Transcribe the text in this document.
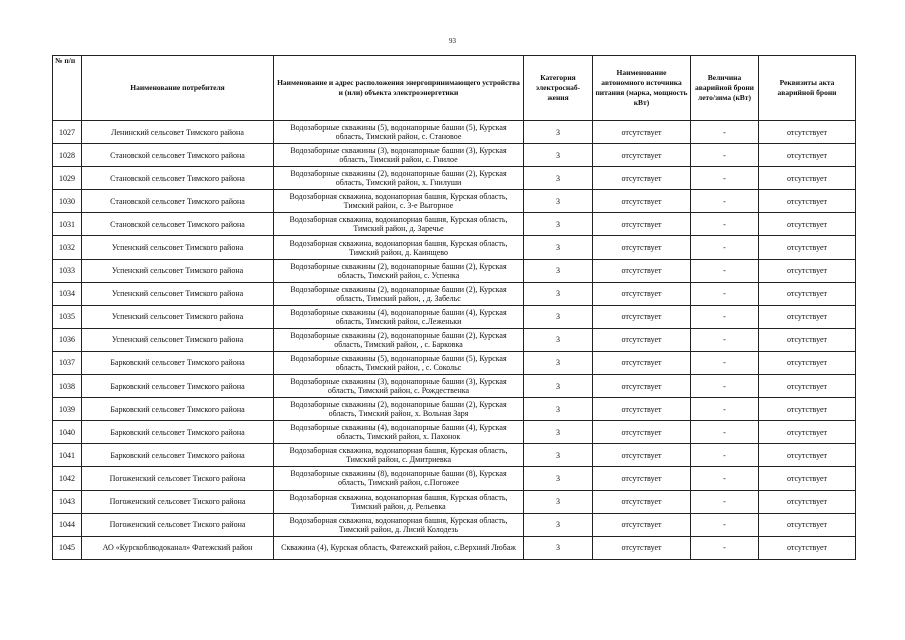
93
№ п/п	Наименование потребителя	Наименование и адрес расположения энергопринимающего устройства и (или) объекта электроэнергетики	Категория электроснаб-жения	Наименование автономного источника питания (марка, мощность кВт)	Величина аварийной брони лето/зима (кВт)	Реквизиты акта аварийной брони
1027	Ленинский сельсовет Тимского района	Водозаборные скважины (5), водонапорные башни (5), Курская область, Тимский район, с. Становое	3	отсутствует	-	отсутствует
1028	Становской сельсовет Тимского района	Водозаборные скважины (3), водонапорные башни (3), Курская область, Тимский район, с. Гнилое	3	отсутствует	-	отсутствует
1029	Становской сельсовет Тимского района	Водозаборные скважины (2), водонапорные башни (2), Курская область, Тимский район, х. Гнилуши	3	отсутствует	-	отсутствует
1030	Становской сельсовет Тимского района	Водозаборная скважина, водонапорная башня, Курская область, Тимский район, с. 3-е Выгорное	3	отсутствует	-	отсутствует
1031	Становской сельсовет Тимского района	Водозаборная скважина, водонапорная башня, Курская область, Тимский район, д. Заречье	3	отсутствует	-	отсутствует
1032	Успенский сельсовет Тимского района	Водозаборная скважина, водонапорная башня, Курская область, Тимский район, д. Каинщево	3	отсутствует	-	отсутствует
1033	Успенский сельсовет Тимского района	Водозаборные скважины (2), водонапорные башни (2), Курская область, Тимский район, с. Успенка	3	отсутствует	-	отсутствует
1034	Успенский сельсовет Тимского района	Водозаборные скважины (2), водонапорные башни (2), Курская область, Тимский район, , д. Забельс	3	отсутствует	-	отсутствует
1035	Успенский сельсовет Тимского района	Водозаборные скважины (4), водонапорные башни (4), Курская область, Тимский район, с.Леженьки	3	отсутствует	-	отсутствует
1036	Успенский сельсовет Тимского района	Водозаборные скважины (2), водонапорные башни (2), Курская область, Тимский район, , с. Барковка	3	отсутствует	-	отсутствует
1037	Барковский сельсовет Тимского района	Водозаборные скважины (5), водонапорные башни (5), Курская область, Тимский район, , с. Сокольс	3	отсутствует	-	отсутствует
1038	Барковский сельсовет Тимского района	Водозаборные скважины (3), водонапорные башни (3), Курская область, Тимский район, с. Рождественка	3	отсутствует	-	отсутствует
1039	Барковский сельсовет Тимского района	Водозаборные скважины (2), водонапорные башни (2), Курская область, Тимский район, х. Вольная Заря	3	отсутствует	-	отсутствует
1040	Барковский сельсовет Тимского района	Водозаборные скважины (4), водонапорные башни (4), Курская область, Тимский район, х. Пахонок	3	отсутствует	-	отсутствует
1041	Барковский сельсовет Тимского района	Водозаборная скважина, водонапорная башня, Курская область, Тимский район, с. Дмитриевка	3	отсутствует	-	отсутствует
1042	Погоженский сельсовет Тиского района	Водозаборные скважины (8), водонапорные башни (8), Курская область, Тимский район, с.Погожее	3	отсутствует	-	отсутствует
1043	Погоженский сельсовет Тиского района	Водозаборная скважина, водонапорная башня, Курская область, Тимский район, д. Рельевка	3	отсутствует	-	отсутствует
1044	Погоженский сельсовет Тиского района	Водозаборная скважина, водонапорная башня, Курская область, Тимский район, д. Лисий Колодезь	3	отсутствует	-	отсутствует
1045	АО «Курскоблводоканал» Фатежский район	Скважина (4), Курская область, Фатежский район, с.Верхний Любаж	3	отсутствует	-	отсутствует
